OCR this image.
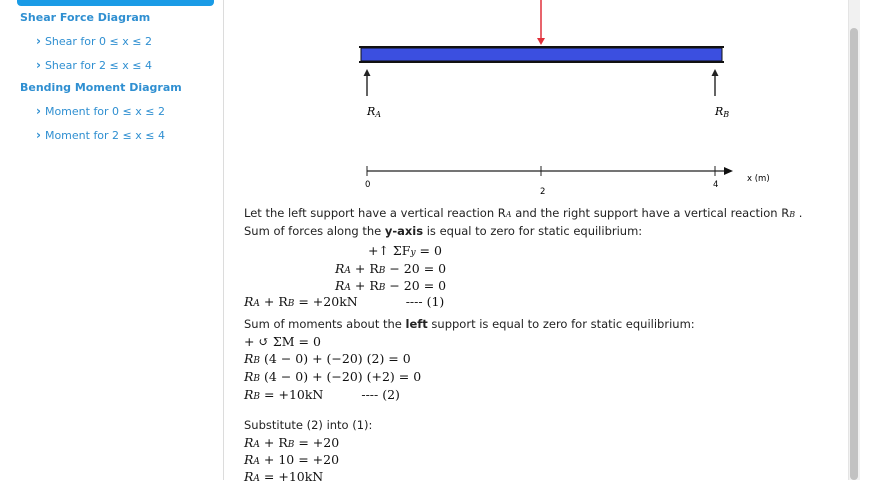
Shear Force Diagram
› Shear for 0 ≤ x ≤ 2
› Shear for 2 ≤ x ≤ 4
Bending Moment Diagram
› Moment for 0 ≤ x ≤ 2
› Moment for 2 ≤ x ≤ 4
RA	RB
0
2
4
x (m)
Let the left support have a vertical reaction RA and the right support have a vertical reaction RB .
Sum of forces along the y-axis is equal to zero for static equilibrium:
+↑ ΣFy = 0
RA + RB − 20 = 0
RA + RB − 20 = 0
RA + RB = +20kN	---- (1)
Sum of moments about the left support is equal to zero for static equilibrium:
+ ↺ ΣM = 0
RB (4 − 0) + (−20) (2) = 0
RB (4 − 0) + (−20) (+2) = 0
RB = +10kN	---- (2)
Substitute (2) into (1):
RA + RB = +20
RA + 10 = +20
RA = +10kN
